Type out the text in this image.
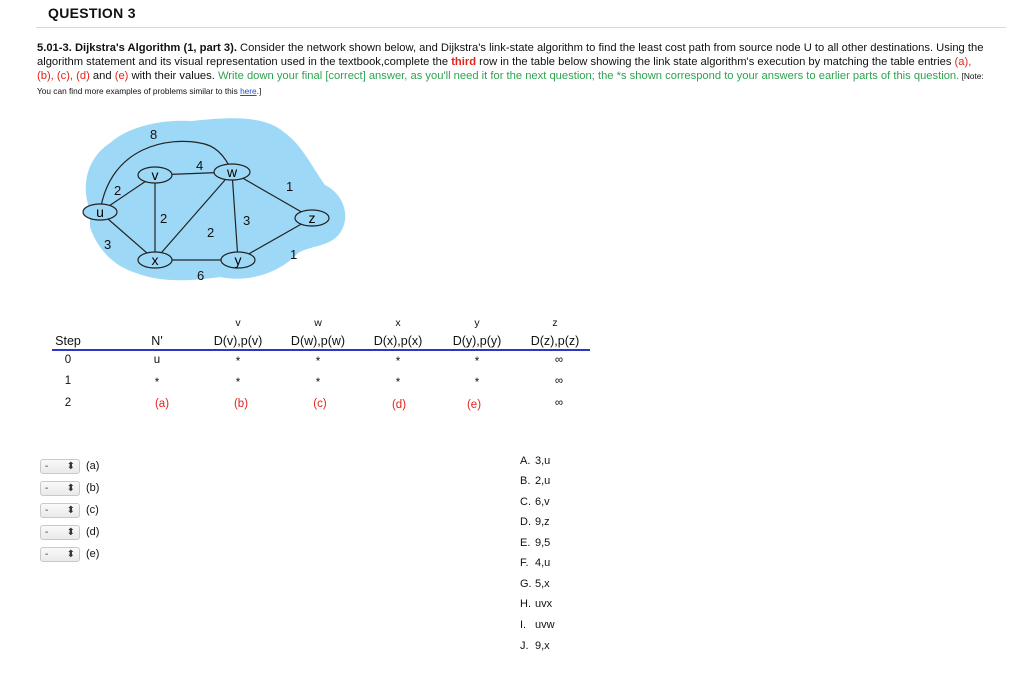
QUESTION 3
5.01-3. Dijkstra's Algorithm (1, part 3). Consider the network shown below, and Dijkstra's link-state algorithm to find the least cost path from source node U to all other destinations. Using the algorithm statement and its visual representation used in the textbook,complete the third row in the table below showing the link state algorithm's execution by matching the table entries (a), (b), (c), (d) and (e) with their values. Write down your final [correct] answer, as you'll need it for the next question; the *s shown correspond to your answers to earlier parts of this question. [Note: You can find more examples of problems similar to this here.]
u
v	w
x	y
z
8
2
4
1
2	3
2
3
6
1
v	w	x	y	z
Step	N'	D(v),p(v) D(w),p(w) D(x),p(x) D(y),p(y) D(z),p(z)
0	u	*	*	*	*	∞
1	*	*	*	*	*	∞
2	(a)	(b)	(c)	(d)	(e)	∞
- ⬍ (a)
- ⬍ (b)
- ⬍ (c)
- ⬍ (d)
- ⬍ (e)
A. 3,u
B. 2,u
C. 6,v
D. 9,z
E. 9,5
F. 4,u
G. 5,x
H. uvx
I. uvw
J. 9,x
